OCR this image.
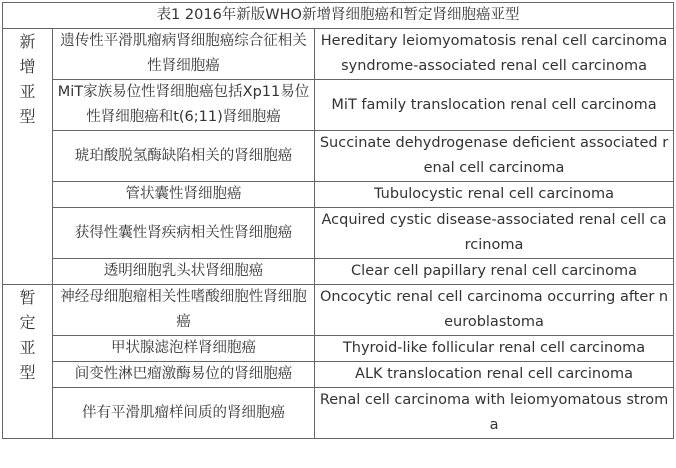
表1 2016年新版WHO新增肾细胞癌和暂定肾细胞癌亚型		

新
增
亚
型	遗传性平滑肌瘤病肾细胞癌综合征相关性肾细胞癌	Hereditary leiomyomatosis renal cell carcinoma syndrome-associated renal cell carcinoma
	MiT家族易位性肾细胞癌包括Xp11易位性肾细胞癌和t(6;11)肾细胞癌	MiT family translocation renal cell carcinoma
	琥珀酸脱氢酶缺陷相关的肾细胞癌	Succinate dehydrogenase deficient associated renal cell carcinoma
	管状囊性肾细胞癌	Tubulocystic renal cell carcinoma
	获得性囊性肾疾病相关性肾细胞癌	Acquired cystic disease-associated renal cell carcinoma
	透明细胞乳头状肾细胞癌	Clear cell papillary renal cell carcinoma

暂
定
亚
型	神经母细胞瘤相关性嗜酸细胞性肾细胞癌	Oncocytic renal cell carcinoma occurring after neuroblastoma
	甲状腺滤泡样肾细胞癌	Thyroid-like follicular renal cell carcinoma
	间变性淋巴瘤激酶易位的肾细胞癌	ALK translocation renal cell carcinoma
	伴有平滑肌瘤样间质的肾细胞癌	Renal cell carcinoma with leiomyomatous stroma
